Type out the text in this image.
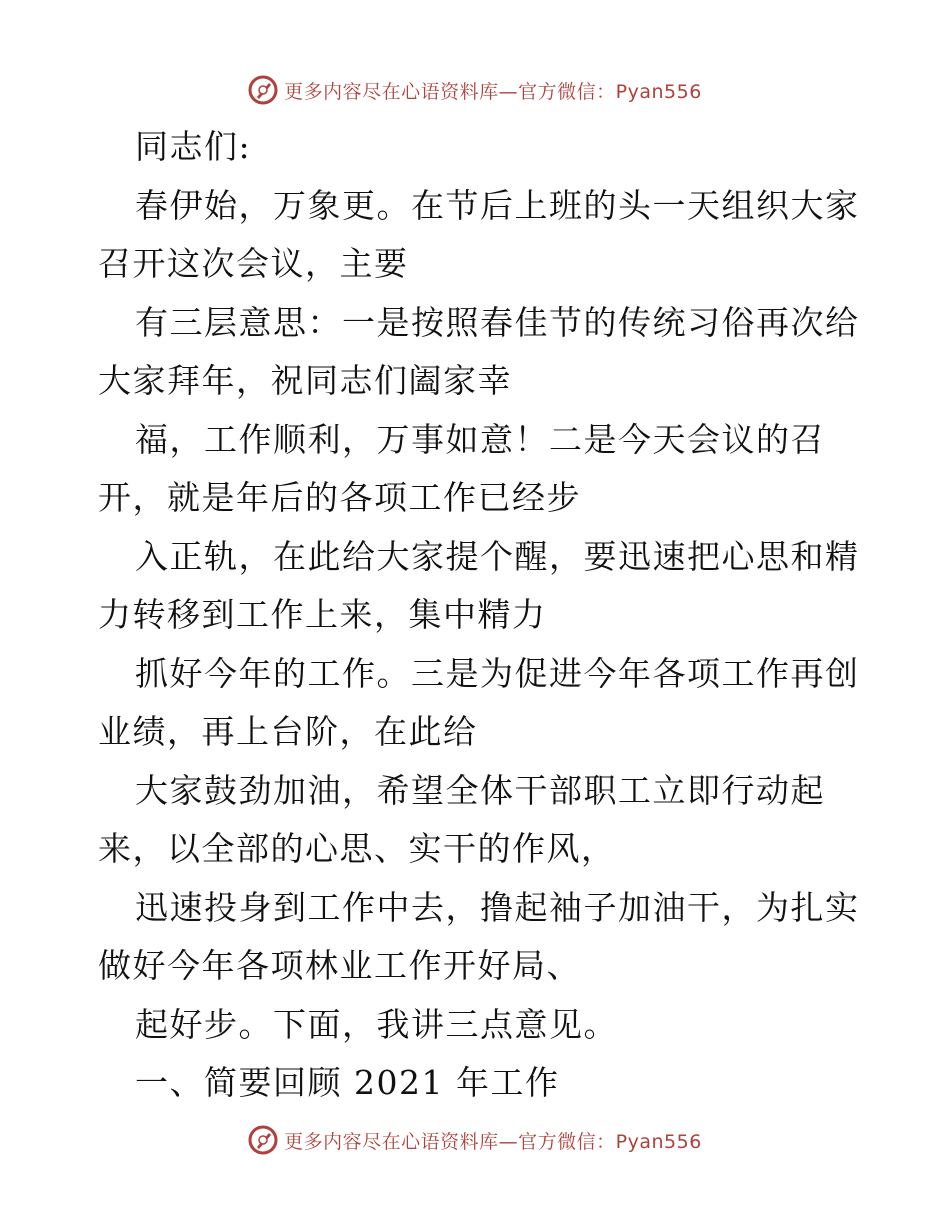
更多内容尽在心语资料库—官方微信：Pyan556
同志们:
春伊始，万象更。在节后上班的头一天组织大家
召开这次会议，主要
有三层意思：一是按照春佳节的传统习俗再次给
大家拜年，祝同志们阖家幸
福，工作顺利，万事如意！二是今天会议的召
开，就是年后的各项工作已经步
入正轨，在此给大家提个醒，要迅速把心思和精
力转移到工作上来，集中精力
抓好今年的工作。三是为促进今年各项工作再创
业绩，再上台阶，在此给
大家鼓劲加油，希望全体干部职工立即行动起
来，以全部的心思、实干的作风，
迅速投身到工作中去，撸起袖子加油干，为扎实
做好今年各项林业工作开好局、
起好步。下面，我讲三点意见。
一、简要回顾 2021 年工作
更多内容尽在心语资料库—官方微信：Pyan556
